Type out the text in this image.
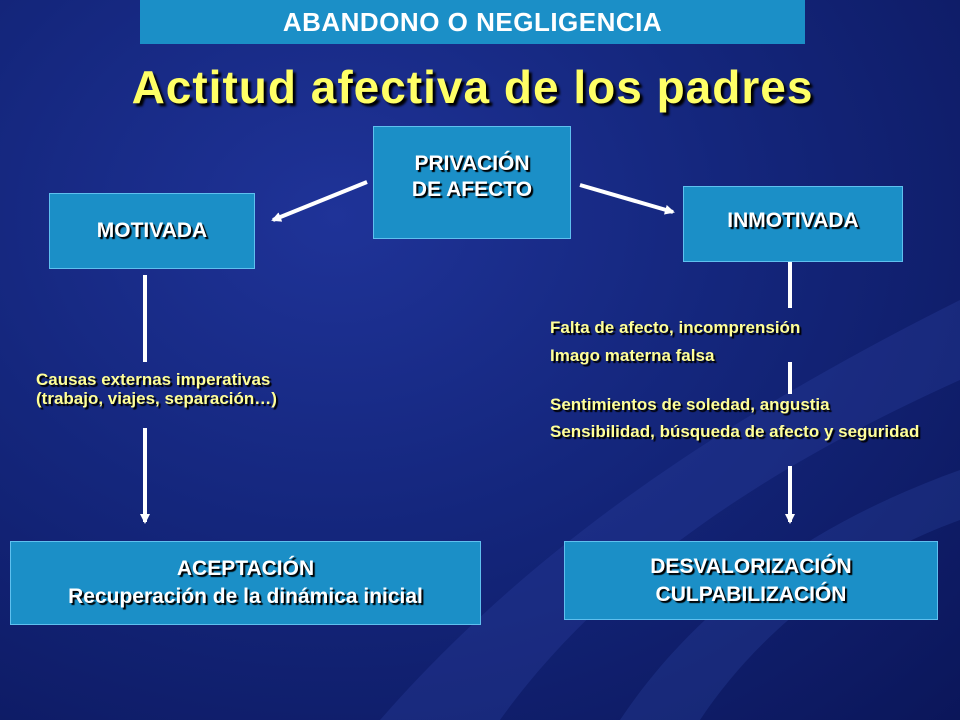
ABANDONO O NEGLIGENCIA
Actitud afectiva de los padres
PRIVACIÓN
DE AFECTO
MOTIVADA	INMOTIVADA
Causas externas imperativas
(trabajo, viajes, separación…)
Falta de afecto, incomprensión
Imago materna falsa
Sentimientos de soledad, angustia
Sensibilidad, búsqueda de afecto y seguridad
ACEPTACIÓN
Recuperación de la dinámica inicial
DESVALORIZACIÓN
CULPABILIZACIÓN
